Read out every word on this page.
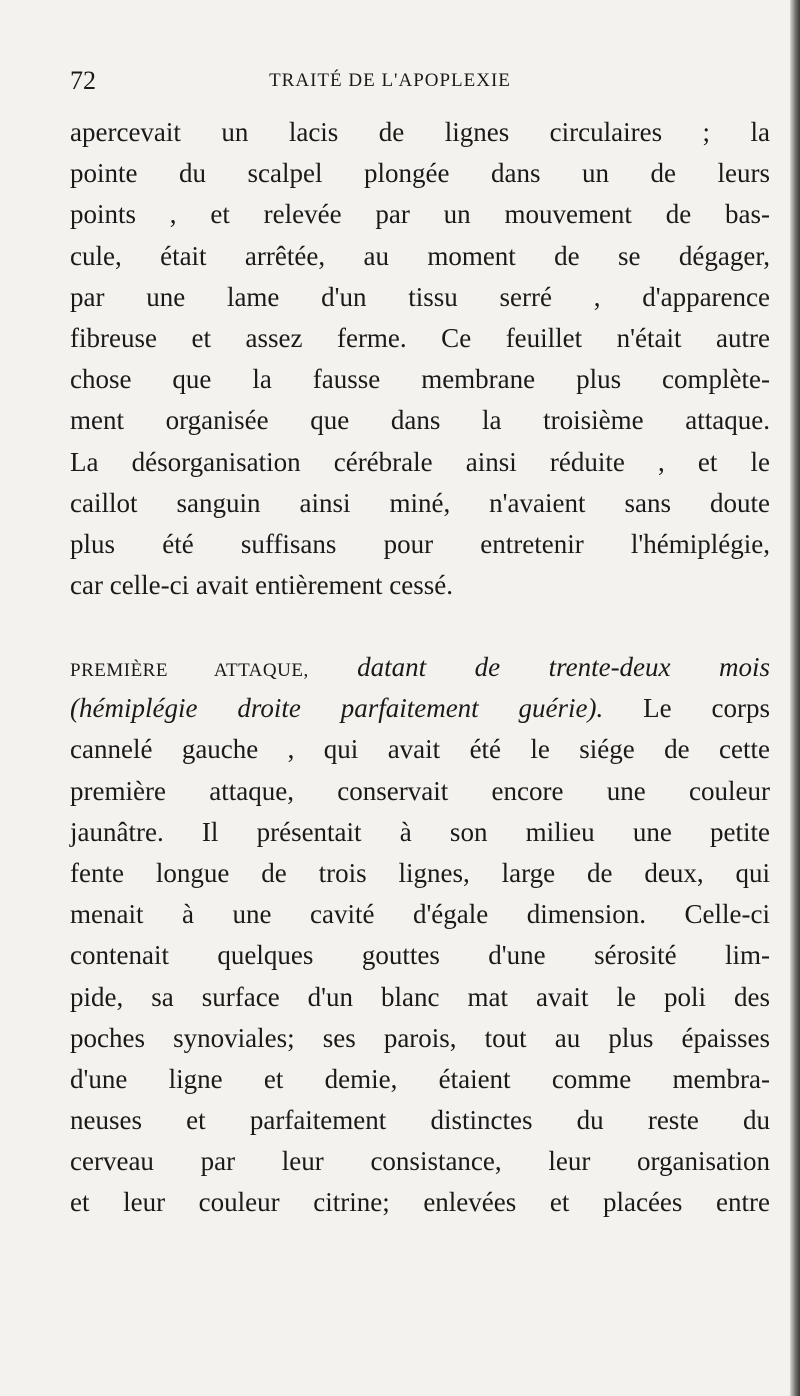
72	TRAITÉ DE L'APOPLEXIE
apercevait un lacis de lignes circulaires ; la
pointe du scalpel plongée dans un de leurs
points , et relevée par un mouvement de bas-
cule, était arrêtée, au moment de se dégager,
par une lame d'un tissu serré , d'apparence
fibreuse et assez ferme. Ce feuillet n'était autre
chose que la fausse membrane plus complète-
ment organisée que dans la troisième attaque.
La désorganisation cérébrale ainsi réduite , et le
caillot sanguin ainsi miné, n'avaient sans doute
plus été suffisans pour entretenir l'hémiplégie,
car celle-ci avait entièrement cessé.
PREMIÈRE ATTAQUE, datant de trente-deux mois
(hémiplégie droite parfaitement guérie). Le corps
cannelé gauche , qui avait été le siége de cette
première attaque, conservait encore une couleur
jaunâtre. Il présentait à son milieu une petite
fente longue de trois lignes, large de deux, qui
menait à une cavité d'égale dimension. Celle-ci
contenait quelques gouttes d'une sérosité lim-
pide, sa surface d'un blanc mat avait le poli des
poches synoviales; ses parois, tout au plus épaisses
d'une ligne et demie, étaient comme membra-
neuses et parfaitement distinctes du reste du
cerveau par leur consistance, leur organisation
et leur couleur citrine; enlevées et placées entre
